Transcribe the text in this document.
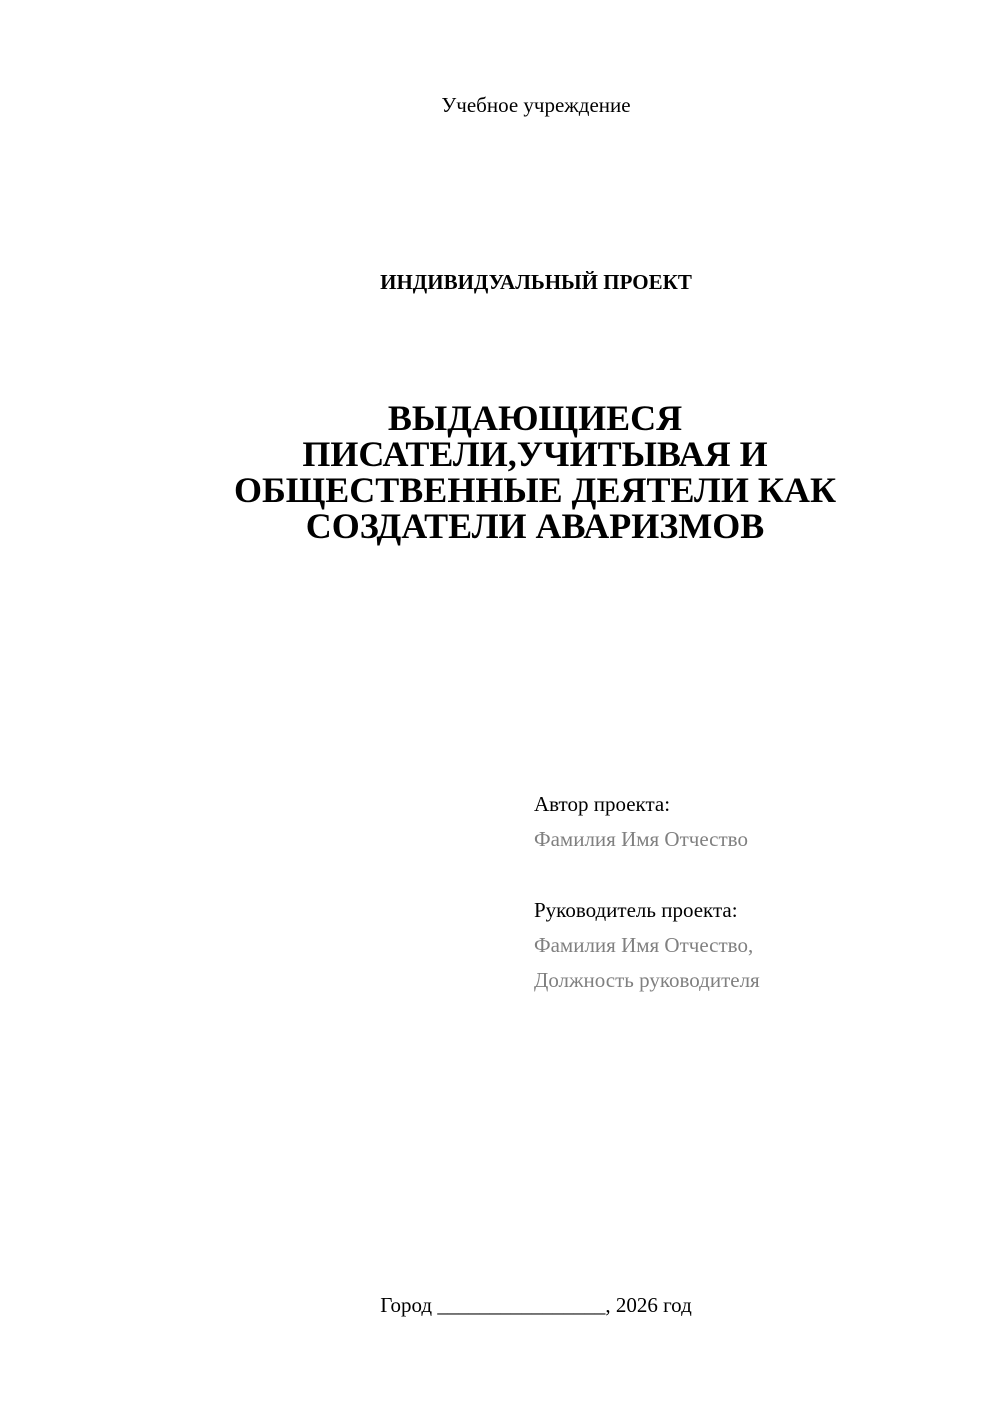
Учебное учреждение
ИНДИВИДУАЛЬНЫЙ ПРОЕКТ
ВЫДАЮЩИЕСЯ
ПИСАТЕЛИ,УЧИТЫВАЯ И
ОБЩЕСТВЕННЫЕ ДЕЯТЕЛИ КАК
СОЗДАТЕЛИ АВАРИЗМОВ
Автор проекта:
Фамилия Имя Отчество
Руководитель проекта:
Фамилия Имя Отчество,
Должность руководителя
Город ________________, 2026 год
